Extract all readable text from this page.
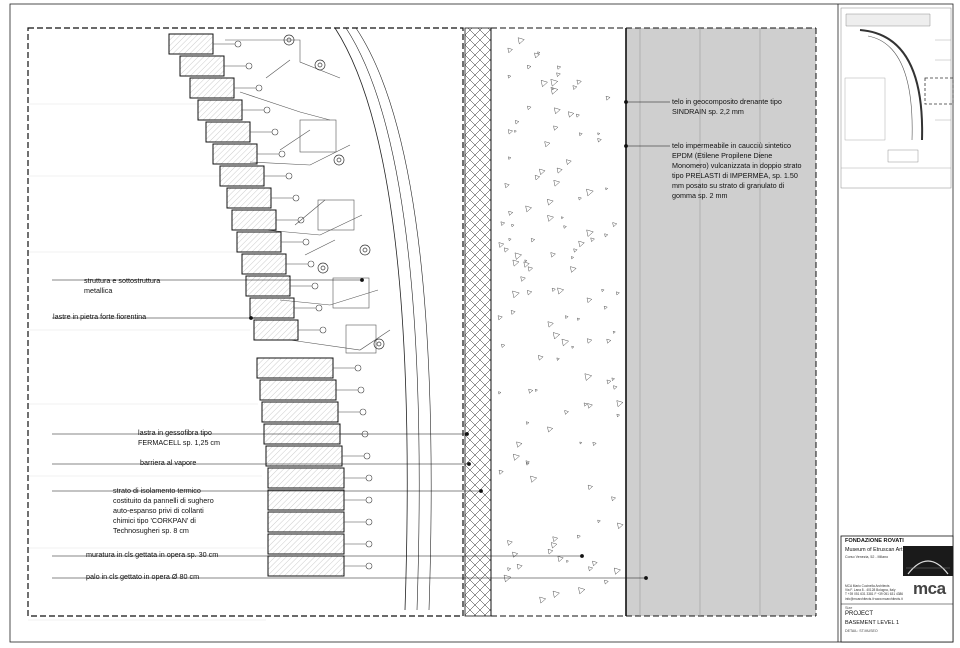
struttura e sottostruttura
metallica
lastre in pietra forte fiorentina
lastra in gessofibra tipo
FERMACELL sp. 1,25 cm
barriera al vapore
strato di isolamento termico
costituito da pannelli di sughero
auto-espanso privi di collanti
chimici tipo 'CORKPAN' di
Technosugheri sp. 8 cm
muratura in cls gettata in opera sp. 30 cm
palo in cls gettato in opera Ø 80 cm
telo in geocomposito drenante tipo
SINDRAIN sp. 2,2 mm
telo impermeabile in caucciù sintetico
EPDM (Etilene Propilene Diene
Monomero) vulcanizzata in doppio strato
tipo PRELASTI di IMPERMEA, sp. 1.50
mm posato su strato di granulato di
gomma sp. 2 mm
FONDAZIONE ROVATI
Museum of Etruscan Art
Corso Venezia, 52 - Milano
MCA Mario Cucinella Architects
Via F. Lana 8 - 40128 Bologna, Italy
T +39 051 631 3381 F +39 051 631 4386
info@mcarchitects.it www.mcarchitects.it
mca
Size
PROJECT
BASEMENT LEVEL 1
DETAIL: ST.MUSEO
